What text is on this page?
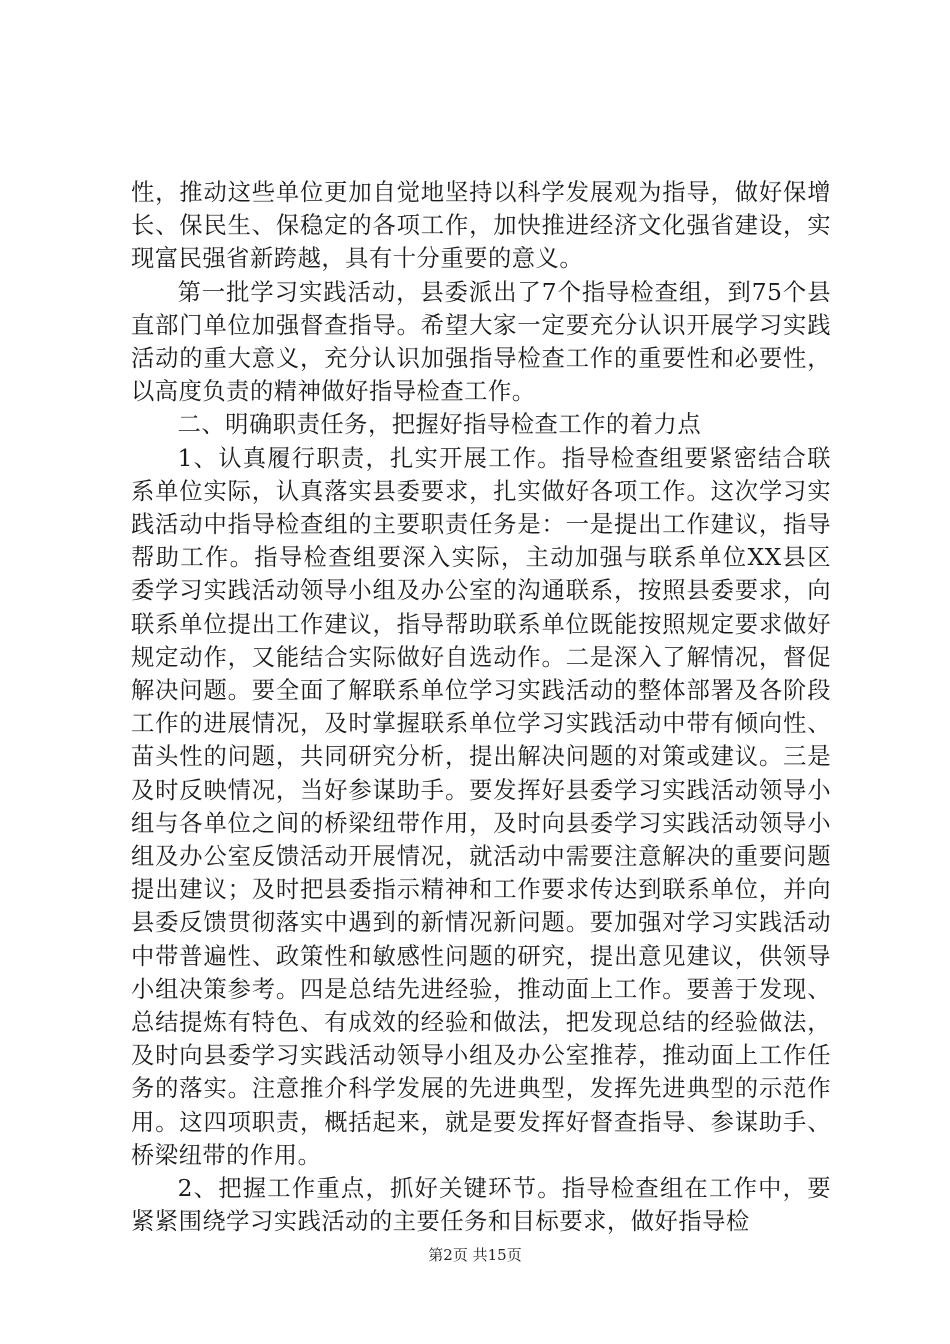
性，推动这些单位更加自觉地坚持以科学发展观为指导，做好保增长、保民生、保稳定的各项工作，加快推进经济文化强省建设，实现富民强省新跨越，具有十分重要的意义。

第一批学习实践活动，县委派出了7个指导检查组，到75个县直部门单位加强督查指导。希望大家一定要充分认识开展学习实践活动的重大意义，充分认识加强指导检查工作的重要性和必要性，以高度负责的精神做好指导检查工作。

二、明确职责任务，把握好指导检查工作的着力点

1、认真履行职责，扎实开展工作。指导检查组要紧密结合联系单位实际，认真落实县委要求，扎实做好各项工作。这次学习实践活动中指导检查组的主要职责任务是：一是提出工作建议，指导帮助工作。指导检查组要深入实际，主动加强与联系单位XX县区委学习实践活动领导小组及办公室的沟通联系，按照县委要求，向联系单位提出工作建议，指导帮助联系单位既能按照规定要求做好规定动作，又能结合实际做好自选动作。二是深入了解情况，督促解决问题。要全面了解联系单位学习实践活动的整体部署及各阶段工作的进展情况，及时掌握联系单位学习实践活动中带有倾向性、苗头性的问题，共同研究分析，提出解决问题的对策或建议。三是及时反映情况，当好参谋助手。要发挥好县委学习实践活动领导小组与各单位之间的桥梁纽带作用，及时向县委学习实践活动领导小组及办公室反馈活动开展情况，就活动中需要注意解决的重要问题提出建议；及时把县委指示精神和工作要求传达到联系单位，并向县委反馈贯彻落实中遇到的新情况新问题。要加强对学习实践活动中带普遍性、政策性和敏感性问题的研究，提出意见建议，供领导小组决策参考。四是总结先进经验，推动面上工作。要善于发现、总结提炼有特色、有成效的经验和做法，把发现总结的经验做法，及时向县委学习实践活动领导小组及办公室推荐，推动面上工作任务的落实。注意推介科学发展的先进典型，发挥先进典型的示范作用。这四项职责，概括起来，就是要发挥好督查指导、参谋助手、桥梁纽带的作用。

2、把握工作重点，抓好关键环节。指导检查组在工作中，要紧紧围绕学习实践活动的主要任务和目标要求，做好指导检

第2页 共15页
